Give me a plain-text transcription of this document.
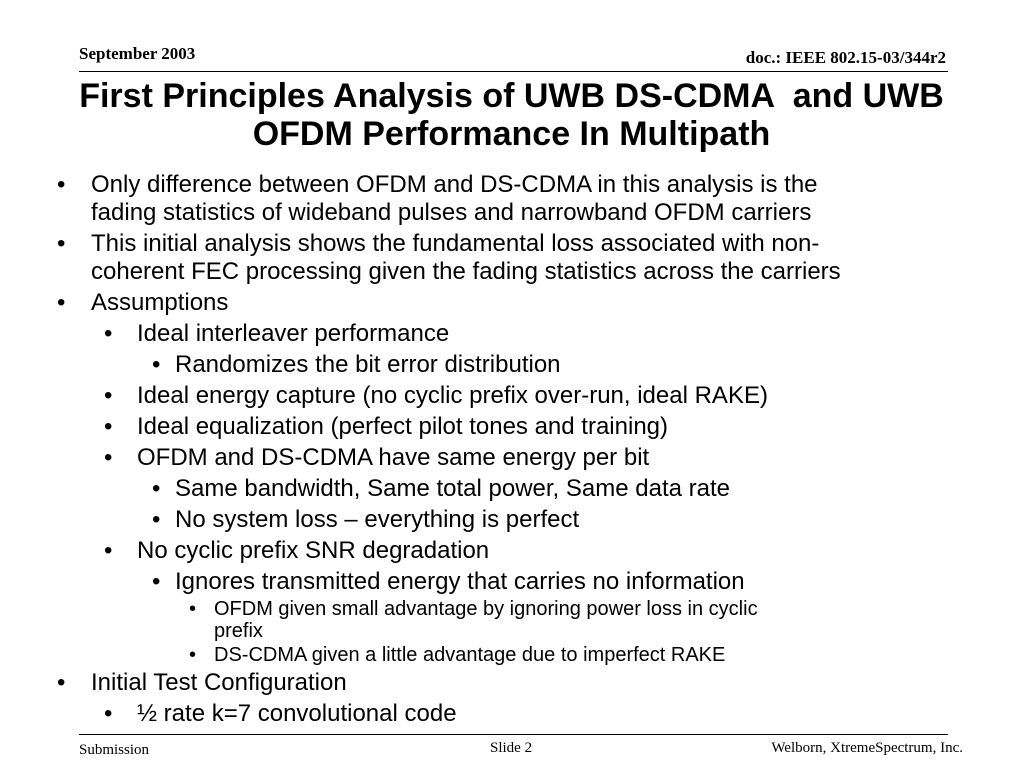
September 2003	doc.: IEEE 802.15-03/344r2
First Principles Analysis of UWB DS-CDMA  and UWB
OFDM Performance In Multipath
• Only difference between OFDM and DS-CDMA in this analysis is the
fading statistics of wideband pulses and narrowband OFDM carriers
• This initial analysis shows the fundamental loss associated with non-
coherent FEC processing given the fading statistics across the carriers
• Assumptions
• Ideal interleaver performance
• Randomizes the bit error distribution
• Ideal energy capture (no cyclic prefix over-run, ideal RAKE)
• Ideal equalization (perfect pilot tones and training)
• OFDM and DS-CDMA have same energy per bit
• Same bandwidth, Same total power, Same data rate
• No system loss – everything is perfect
• No cyclic prefix SNR degradation
• Ignores transmitted energy that carries no information
• OFDM given small advantage by ignoring power loss in cyclic
prefix
• DS-CDMA given a little advantage due to imperfect RAKE
• Initial Test Configuration
• ½ rate k=7 convolutional code
Submission	Slide 2	Welborn, XtremeSpectrum, Inc.
